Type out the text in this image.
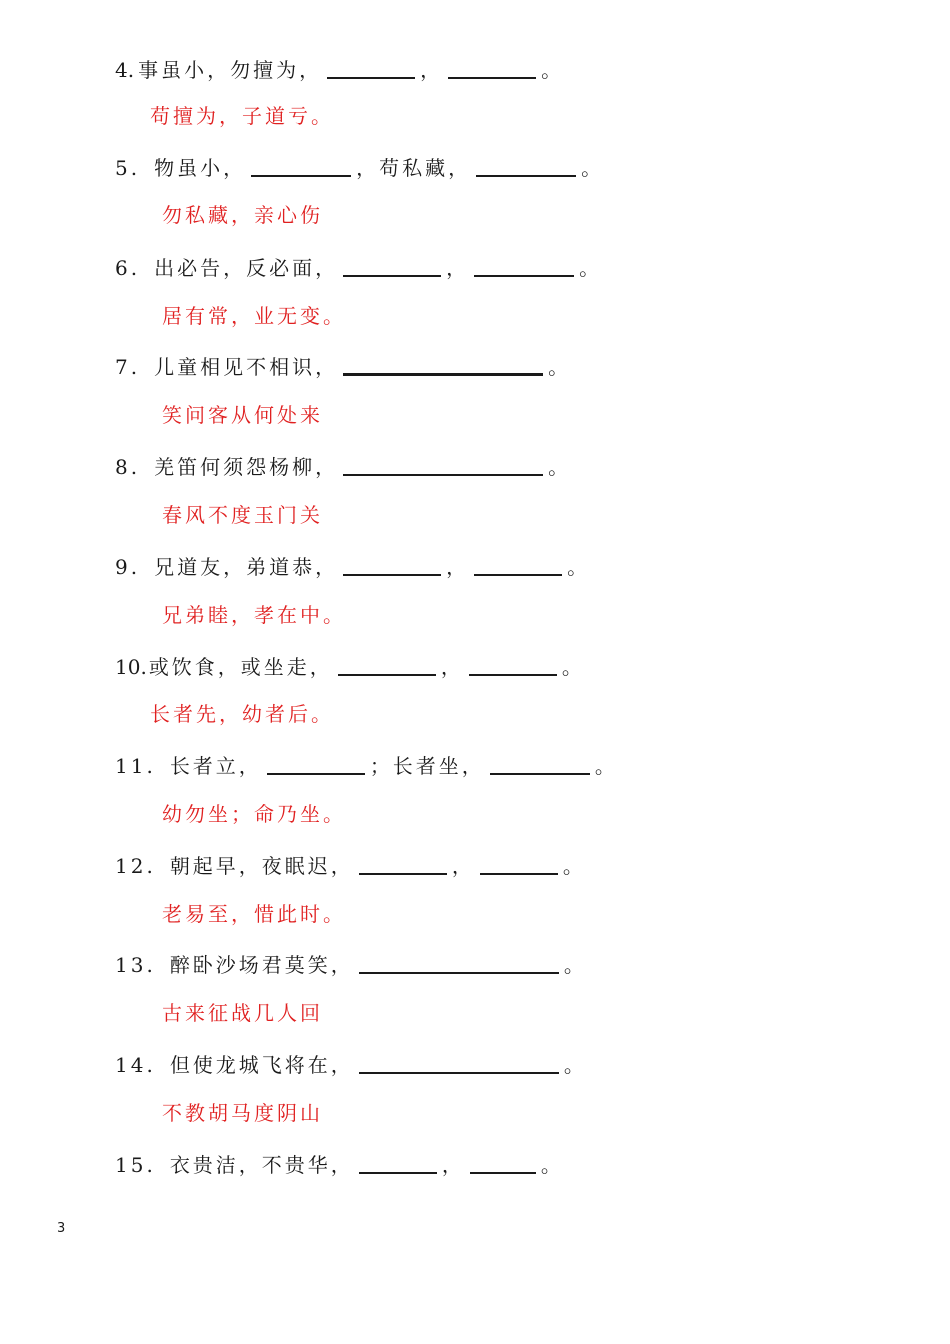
4. 事虽小，勿擅为，	，	。
苟擅为，子道亏。
5. 物虽小，	，苟私藏，	。
勿私藏，亲心伤
6. 出必告，反必面，	，	。
居有常，业无变。
7. 儿童相见不相识，	。
笑问客从何处来
8. 羌笛何须怨杨柳，	。
春风不度玉门关
9. 兄道友，弟道恭，	，	。
兄弟睦，孝在中。
10. 或饮食，或坐走，	，	。
长者先，幼者后。
11. 长者立，	；长者坐，	。
幼勿坐；命乃坐。
12. 朝起早，夜眠迟，	，	。
老易至，惜此时。
13. 醉卧沙场君莫笑，	。
古来征战几人回
14. 但使龙城飞将在，	。
不教胡马度阴山
15. 衣贵洁，不贵华，	，	。
3
